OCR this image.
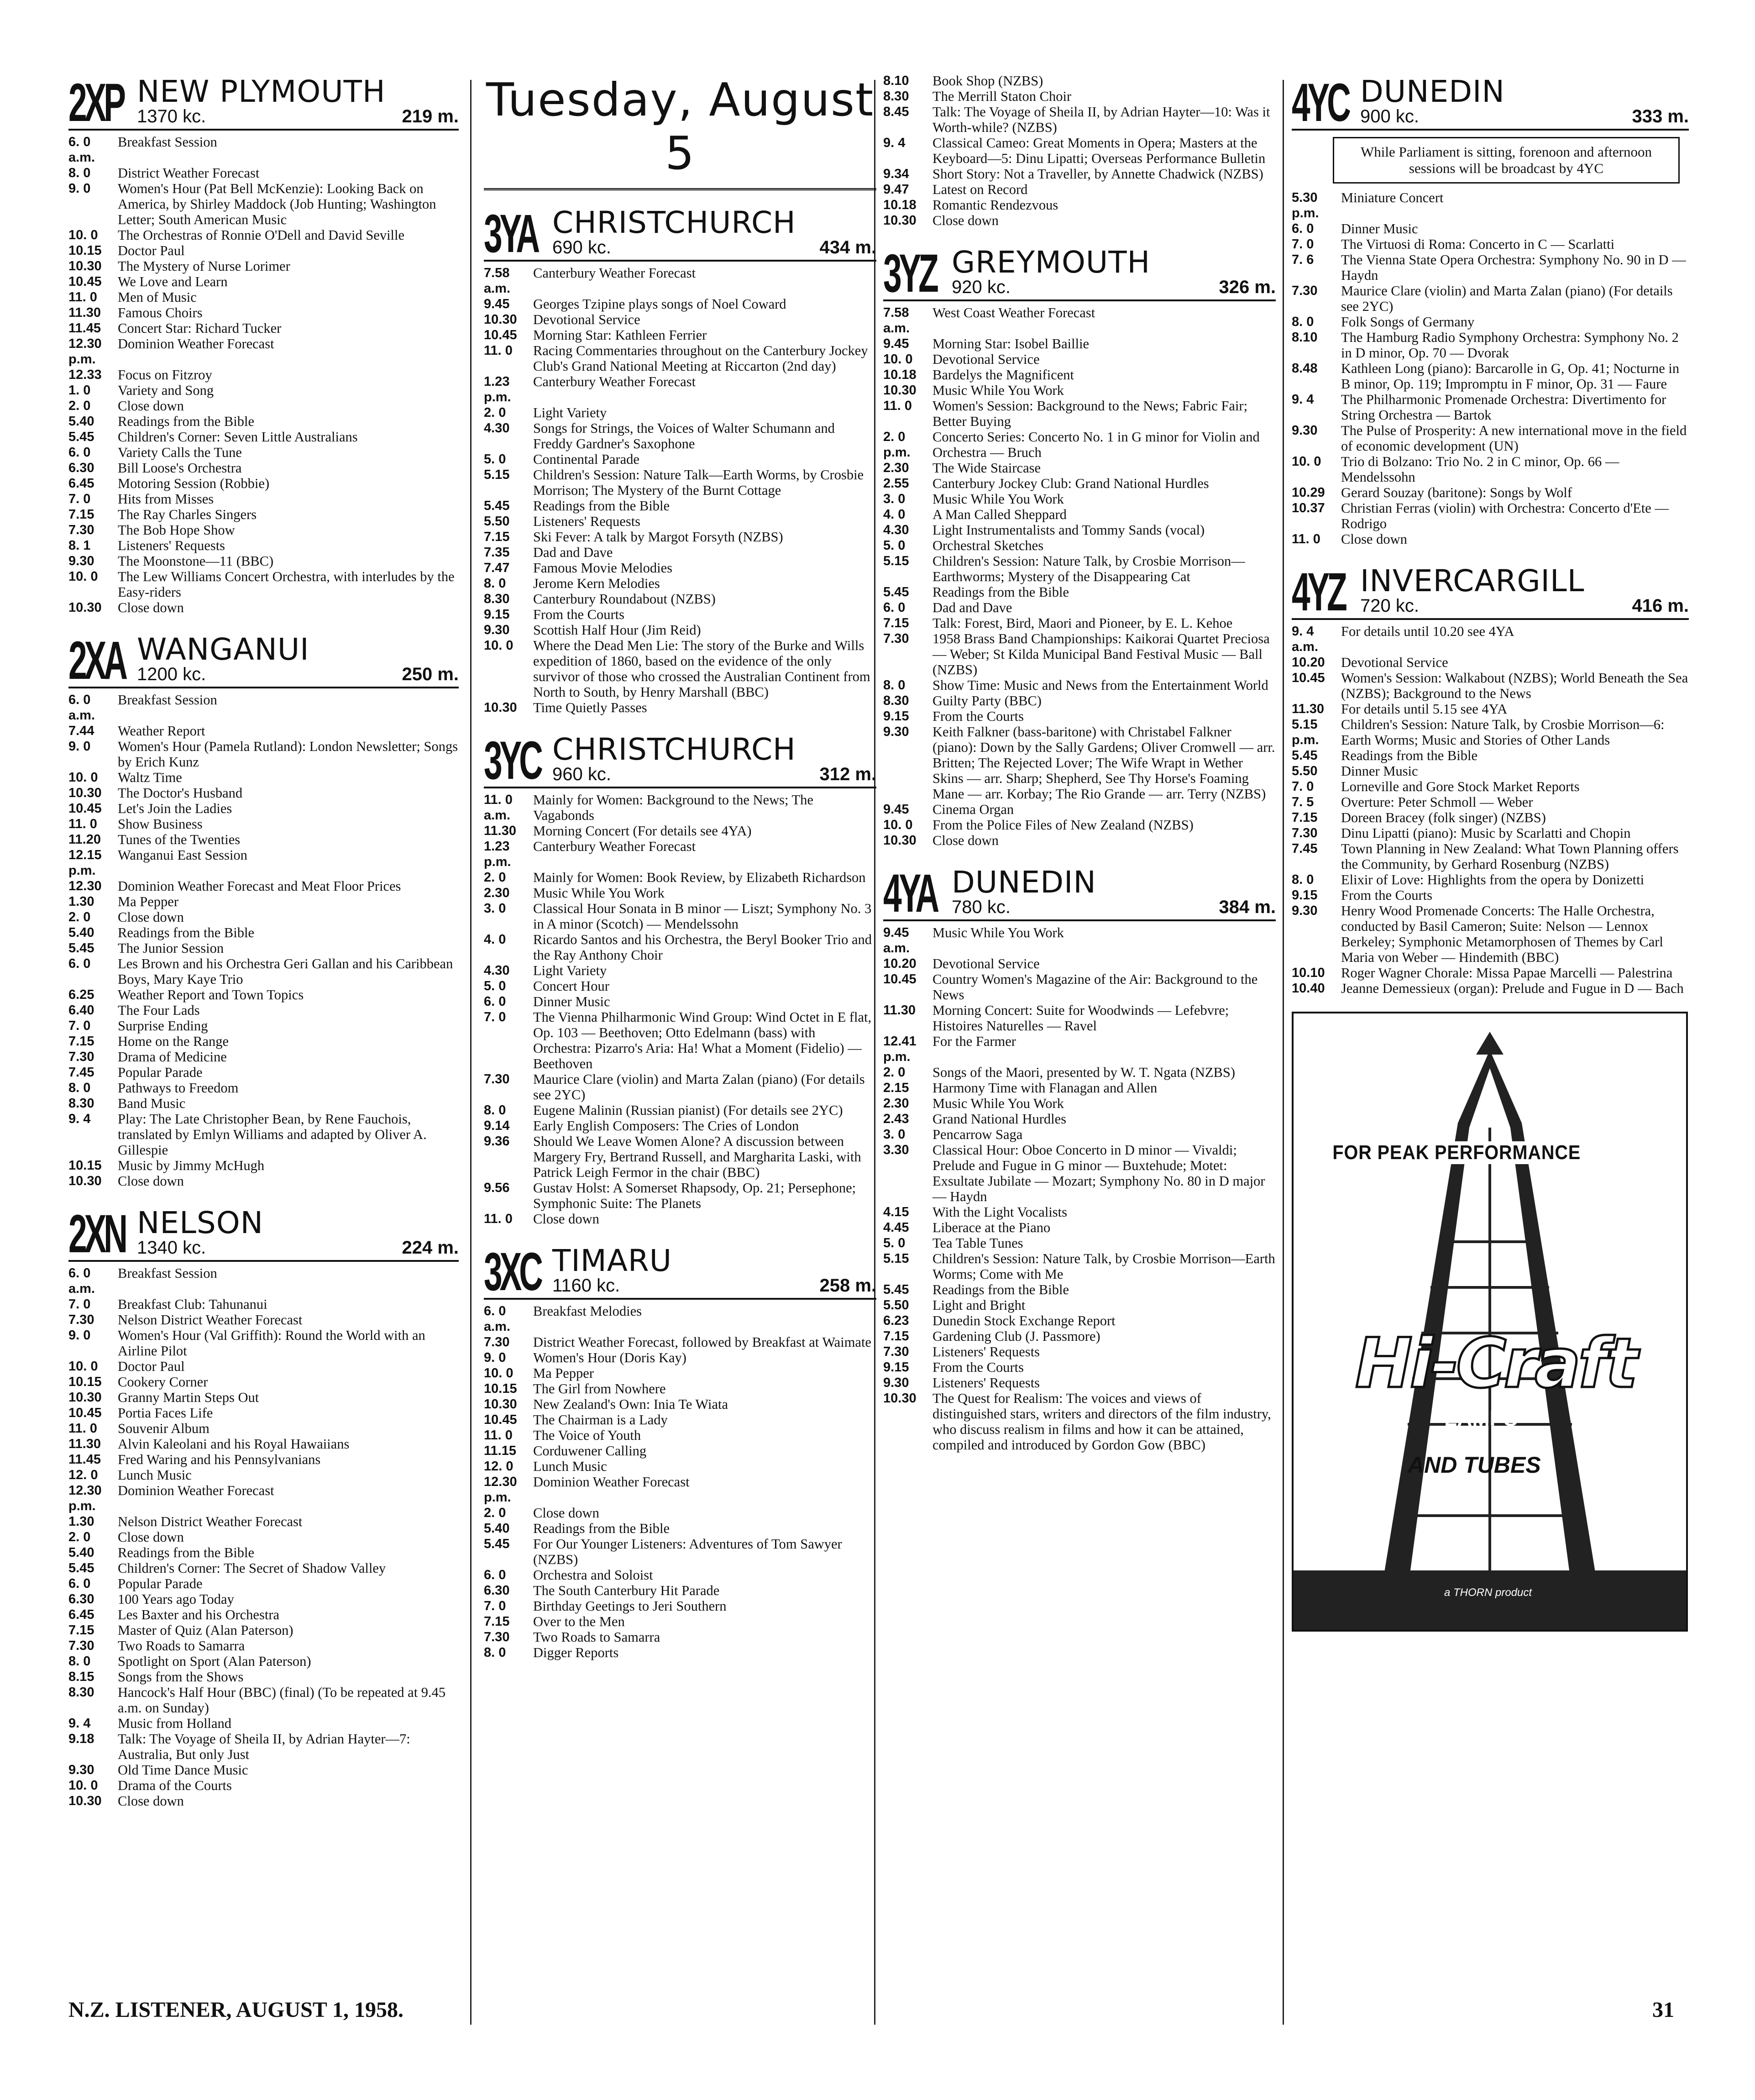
2XP NEW PLYMOUTH
1370 kc.	219 m.
6. 0 a.m.
Breakfast Session
8. 0	District Weather Forecast
9. 0	Women's Hour (Pat Bell McKenzie): Looking Back on America, by Shirley Maddock (Job Hunting; Washington Letter; South American Music
10. 0	The Orchestras of Ronnie O'Dell and David Seville
10.15	Doctor Paul
10.30	The Mystery of Nurse Lorimer
10.45	We Love and Learn
11. 0	Men of Music
11.30	Famous Choirs
11.45	Concert Star: Richard Tucker
12.30 p.m.
Dominion Weather Forecast
12.33	Focus on Fitzroy
1. 0	Variety and Song
2. 0	Close down
5.40	Readings from the Bible
5.45	Children's Corner: Seven Little Australians
6. 0	Variety Calls the Tune
6.30	Bill Loose's Orchestra
6.45	Motoring Session (Robbie)
7. 0	Hits from Misses
7.15	The Ray Charles Singers
7.30	The Bob Hope Show
8. 1	Listeners' Requests
9.30	The Moonstone—11 (BBC)
10. 0	The Lew Williams Concert Orchestra, with interludes by the Easy-riders
10.30	Close down
2XA WANGANUI
1200 kc.	250 m.
6. 0 a.m.
Breakfast Session
7.44	Weather Report
9. 0	Women's Hour (Pamela Rutland): London Newsletter; Songs by Erich Kunz
10. 0	Waltz Time
10.30	The Doctor's Husband
10.45	Let's Join the Ladies
11. 0	Show Business
11.20	Tunes of the Twenties
12.15 p.m.
Wanganui East Session
12.30	Dominion Weather Forecast and Meat Floor Prices
1.30	Ma Pepper
2. 0	Close down
5.40	Readings from the Bible
5.45	The Junior Session
6. 0	Les Brown and his Orchestra Geri Gallan and his Caribbean Boys, Mary Kaye Trio
6.25	Weather Report and Town Topics
6.40	The Four Lads
7. 0	Surprise Ending
7.15	Home on the Range
7.30	Drama of Medicine
7.45	Popular Parade
8. 0	Pathways to Freedom
8.30	Band Music
9. 4	Play: The Late Christopher Bean, by Rene Fauchois, translated by Emlyn Williams and adapted by Oliver A. Gillespie
10.15	Music by Jimmy McHugh
10.30	Close down
2XN NELSON
1340 kc.	224 m.
6. 0 a.m.
Breakfast Session
7. 0	Breakfast Club: Tahunanui
7.30	Nelson District Weather Forecast
9. 0	Women's Hour (Val Griffith): Round the World with an Airline Pilot
10. 0	Doctor Paul
10.15	Cookery Corner
10.30	Granny Martin Steps Out
10.45	Portia Faces Life
11. 0	Souvenir Album
11.30	Alvin Kaleolani and his Royal Hawaiians
11.45	Fred Waring and his Pennsylvanians
12. 0	Lunch Music
12.30 p.m.
Dominion Weather Forecast
1.30	Nelson District Weather Forecast
2. 0	Close down
5.40	Readings from the Bible
5.45	Children's Corner: The Secret of Shadow Valley
6. 0	Popular Parade
6.30	100 Years ago Today
6.45	Les Baxter and his Orchestra
7.15	Master of Quiz (Alan Paterson)
7.30	Two Roads to Samarra
8. 0	Spotlight on Sport (Alan Paterson)
8.15	Songs from the Shows
8.30	Hancock's Half Hour (BBC) (final) (To be repeated at 9.45 a.m. on Sunday)
9. 4	Music from Holland
9.18	Talk: The Voyage of Sheila II, by Adrian Hayter—7: Australia, But only Just
9.30	Old Time Dance Music
10. 0	Drama of the Courts
10.30	Close down
Tuesday, August 5
3YA CHRISTCHURCH
690 kc.	434 m.
7.58 a.m.
Canterbury Weather Forecast
9.45	Georges Tzipine plays songs of Noel Coward
10.30	Devotional Service
10.45	Morning Star: Kathleen Ferrier
11. 0	Racing Commentaries throughout on the Canterbury Jockey Club's Grand National Meeting at Riccarton (2nd day)
1.23 p.m.
Canterbury Weather Forecast
2. 0	Light Variety
4.30	Songs for Strings, the Voices of Walter Schumann and Freddy Gardner's Saxophone
5. 0	Continental Parade
5.15	Children's Session: Nature Talk—Earth Worms, by Crosbie Morrison; The Mystery of the Burnt Cottage
5.45	Readings from the Bible
5.50	Listeners' Requests
7.15	Ski Fever: A talk by Margot Forsyth (NZBS)
7.35	Dad and Dave
7.47	Famous Movie Melodies
8. 0	Jerome Kern Melodies
8.30	Canterbury Roundabout (NZBS)
9.15	From the Courts
9.30	Scottish Half Hour (Jim Reid)
10. 0	Where the Dead Men Lie: The story of the Burke and Wills expedition of 1860, based on the evidence of the only survivor of those who crossed the Australian Continent from North to South, by Henry Marshall (BBC)
10.30	Time Quietly Passes
3YC CHRISTCHURCH
960 kc.	312 m.
11. 0 a.m.
Mainly for Women: Background to the News; The Vagabonds
11.30	Morning Concert (For details see 4YA)
1.23 p.m.
Canterbury Weather Forecast
2. 0	Mainly for Women: Book Review, by Elizabeth Richardson
2.30	Music While You Work
3. 0	Classical Hour Sonata in B minor — Liszt; Symphony No. 3 in A minor (Scotch) — Mendelssohn
4. 0	Ricardo Santos and his Orchestra, the Beryl Booker Trio and the Ray Anthony Choir
4.30	Light Variety
5. 0	Concert Hour
6. 0	Dinner Music
7. 0	The Vienna Philharmonic Wind Group: Wind Octet in E flat, Op. 103 — Beethoven; Otto Edelmann (bass) with Orchestra: Pizarro's Aria: Ha! What a Moment (Fidelio) — Beethoven
7.30	Maurice Clare (violin) and Marta Zalan (piano) (For details see 2YC)
8. 0	Eugene Malinin (Russian pianist) (For details see 2YC)
9.14	Early English Composers: The Cries of London
9.36	Should We Leave Women Alone? A discussion between Margery Fry, Bertrand Russell, and Margharita Laski, with Patrick Leigh Fermor in the chair (BBC)
9.56	Gustav Holst: A Somerset Rhapsody, Op. 21; Persephone; Symphonic Suite: The Planets
11. 0	Close down
3XC TIMARU
1160 kc.	258 m.
6. 0 a.m.
Breakfast Melodies
7.30	District Weather Forecast, followed by Breakfast at Waimate
9. 0	Women's Hour (Doris Kay)
10. 0	Ma Pepper
10.15	The Girl from Nowhere
10.30	New Zealand's Own: Inia Te Wiata
10.45	The Chairman is a Lady
11. 0	The Voice of Youth
11.15	Corduwener Calling
12. 0	Lunch Music
12.30 p.m.
Dominion Weather Forecast
2. 0	Close down
5.40	Readings from the Bible
5.45	For Our Younger Listeners: Adventures of Tom Sawyer (NZBS)
6. 0	Orchestra and Soloist
6.30	The South Canterbury Hit Parade
7. 0	Birthday Geetings to Jeri Southern
7.15	Over to the Men
7.30	Two Roads to Samarra
8. 0	Digger Reports
8.10	Book Shop (NZBS)
8.30	The Merrill Staton Choir
8.45	Talk: The Voyage of Sheila II, by Adrian Hayter—10: Was it Worth-while? (NZBS)
9. 4	Classical Cameo: Great Moments in Opera; Masters at the Keyboard—5: Dinu Lipatti; Overseas Performance Bulletin
9.34	Short Story: Not a Traveller, by Annette Chadwick (NZBS)
9.47	Latest on Record
10.18	Romantic Rendezvous
10.30	Close down
3YZ GREYMOUTH
920 kc.	326 m.
7.58 a.m.
West Coast Weather Forecast
9.45	Morning Star: Isobel Baillie
10. 0	Devotional Service
10.18	Bardelys the Magnificent
10.30	Music While You Work
11. 0	Women's Session: Background to the News; Fabric Fair; Better Buying
2. 0 p.m.
Concerto Series: Concerto No. 1 in G minor for Violin and Orchestra — Bruch
2.30	The Wide Staircase
2.55	Canterbury Jockey Club: Grand National Hurdles
3. 0	Music While You Work
4. 0	A Man Called Sheppard
4.30	Light Instrumentalists and Tommy Sands (vocal)
5. 0	Orchestral Sketches
5.15	Children's Session: Nature Talk, by Crosbie Morrison—Earthworms; Mystery of the Disappearing Cat
5.45	Readings from the Bible
6. 0	Dad and Dave
7.15	Talk: Forest, Bird, Maori and Pioneer, by E. L. Kehoe
7.30	1958 Brass Band Championships: Kaikorai Quartet Preciosa — Weber; St Kilda Municipal Band Festival Music — Ball (NZBS)
8. 0	Show Time: Music and News from the Entertainment World
8.30	Guilty Party (BBC)
9.15	From the Courts
9.30	Keith Falkner (bass-baritone) with Christabel Falkner (piano): Down by the Sally Gardens; Oliver Cromwell — arr. Britten; The Rejected Lover; The Wife Wrapt in Wether Skins — arr. Sharp; Shepherd, See Thy Horse's Foaming Mane — arr. Korbay; The Rio Grande — arr. Terry (NZBS)
9.45	Cinema Organ
10. 0	From the Police Files of New Zealand (NZBS)
10.30	Close down
4YA DUNEDIN
780 kc.	384 m.
9.45 a.m.
Music While You Work
10.20	Devotional Service
10.45	Country Women's Magazine of the Air: Background to the News
11.30	Morning Concert: Suite for Woodwinds — Lefebvre; Histoires Naturelles — Ravel
12.41 p.m.
For the Farmer
2. 0	Songs of the Maori, presented by W. T. Ngata (NZBS)
2.15	Harmony Time with Flanagan and Allen
2.30	Music While You Work
2.43	Grand National Hurdles
3. 0	Pencarrow Saga
3.30	Classical Hour: Oboe Concerto in D minor — Vivaldi; Prelude and Fugue in G minor — Buxtehude; Motet: Exsultate Jubilate — Mozart; Symphony No. 80 in D major — Haydn
4.15	With the Light Vocalists
4.45	Liberace at the Piano
5. 0	Tea Table Tunes
5.15	Children's Session: Nature Talk, by Crosbie Morrison—Earth Worms; Come with Me
5.45	Readings from the Bible
5.50	Light and Bright
6.23	Dunedin Stock Exchange Report
7.15	Gardening Club (J. Passmore)
7.30	Listeners' Requests
9.15	From the Courts
9.30	Listeners' Requests
10.30	The Quest for Realism: The voices and views of distinguished stars, writers and directors of the film industry, who discuss realism in films and how it can be attained, compiled and introduced by Gordon Gow (BBC)
4YC DUNEDIN
900 kc.	333 m.
While Parliament is sitting, forenoon and afternoon sessions will be broadcast by 4YC
5.30 p.m.
Miniature Concert
6. 0	Dinner Music
7. 0	The Virtuosi di Roma: Concerto in C — Scarlatti
7. 6	The Vienna State Opera Orchestra: Symphony No. 90 in D — Haydn
7.30	Maurice Clare (violin) and Marta Zalan (piano) (For details see 2YC)
8. 0	Folk Songs of Germany
8.10	The Hamburg Radio Symphony Orchestra: Symphony No. 2 in D minor, Op. 70 — Dvorak
8.48	Kathleen Long (piano): Barcarolle in G, Op. 41; Nocturne in B minor, Op. 119; Impromptu in F minor, Op. 31 — Faure
9. 4	The Philharmonic Promenade Orchestra: Divertimento for String Orchestra — Bartok
9.30	The Pulse of Prosperity: A new international move in the field of economic development (UN)
10. 0	Trio di Bolzano: Trio No. 2 in C minor, Op. 66 — Mendelssohn
10.29	Gerard Souzay (baritone): Songs by Wolf
10.37	Christian Ferras (violin) with Orchestra: Concerto d'Ete — Rodrigo
11. 0	Close down
4YZ INVERCARGILL
720 kc.	416 m.
9. 4 a.m.
For details until 10.20 see 4YA
10.20	Devotional Service
10.45	Women's Session: Walkabout (NZBS); World Beneath the Sea (NZBS); Background to the News
11.30	For details until 5.15 see 4YA
5.15 p.m.
Children's Session: Nature Talk, by Crosbie Morrison—6: Earth Worms; Music and Stories of Other Lands
5.45	Readings from the Bible
5.50	Dinner Music
7. 0	Lorneville and Gore Stock Market Reports
7. 5	Overture: Peter Schmoll — Weber
7.15	Doreen Bracey (folk singer) (NZBS)
7.30	Dinu Lipatti (piano): Music by Scarlatti and Chopin
7.45	Town Planning in New Zealand: What Town Planning offers the Community, by Gerhard Rosenburg (NZBS)
8. 0	Elixir of Love: Highlights from the opera by Donizetti
9.15	From the Courts
9.30	Henry Wood Promenade Concerts: The Halle Orchestra, conducted by Basil Cameron; Suite: Nelson — Lennox Berkeley; Symphonic Metamorphosen of Themes by Carl Maria von Weber — Hindemith (BBC)
10.10	Roger Wagner Chorale: Missa Papae Marcelli — Palestrina
10.40	Jeanne Demessieux (organ): Prelude and Fugue in D — Bach
FOR PEAK PERFORMANCE
Hi-Craft
LAMPS
AND TUBES
a THORN product
N.Z. LISTENER, AUGUST 1, 1958.	31
